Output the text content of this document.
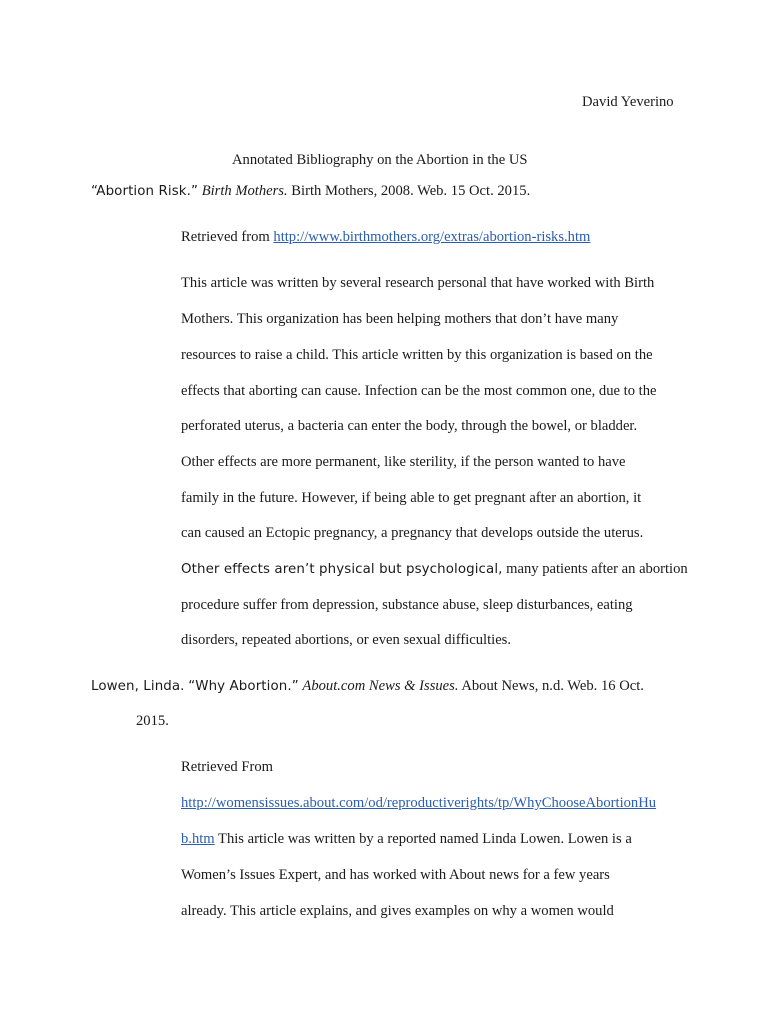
David Yeverino
Annotated Bibliography on the Abortion in the US
“Abortion Risk.” Birth Mothers. Birth Mothers, 2008. Web. 15 Oct. 2015.
Retrieved from http://www.birthmothers.org/extras/abortion-risks.htm
This article was written by several research personal that have worked with Birth
Mothers. This organization has been helping mothers that don’t have many
resources to raise a child. This article written by this organization is based on the
effects that aborting can cause. Infection can be the most common one, due to the
perforated uterus, a bacteria can enter the body, through the bowel, or bladder.
Other effects are more permanent, like sterility, if the person wanted to have
family in the future. However, if being able to get pregnant after an abortion, it
can caused an Ectopic pregnancy, a pregnancy that develops outside the uterus.
Other effects aren’t physical but psychological, many patients after an abortion
procedure suffer from depression, substance abuse, sleep disturbances, eating
disorders, repeated abortions, or even sexual difficulties.
Lowen, Linda. “Why Abortion.” About.com News & Issues. About News, n.d. Web. 16 Oct.
2015.
Retrieved From
http://womensissues.about.com/od/reproductiverights/tp/WhyChooseAbortionHu
b.htm This article was written by a reported named Linda Lowen. Lowen is a
Women’s Issues Expert, and has worked with About news for a few years
already. This article explains, and gives examples on why a women would
